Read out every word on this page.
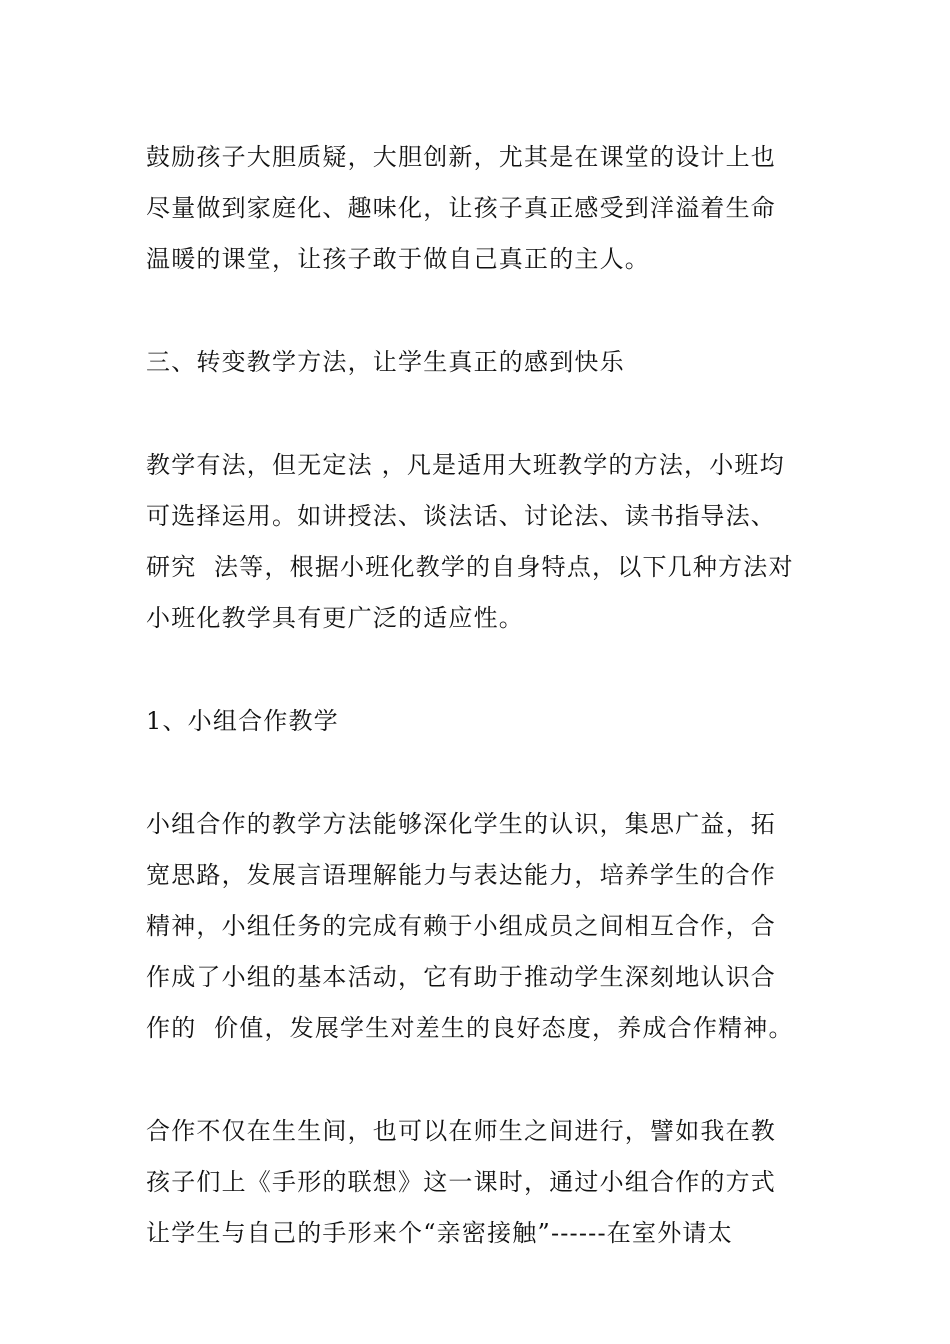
鼓励孩子大胆质疑，大胆创新，尤其是在课堂的设计上也
尽量做到家庭化、趣味化，让孩子真正感受到洋溢着生命
温暖的课堂，让孩子敢于做自己真正的主人。
三、转变教学方法，让学生真正的感到快乐
教学有法，但无定法 ，凡是适用大班教学的方法，小班均
可选择运用。如讲授法、谈法话、讨论法、读书指导法、
研究  法等，根据小班化教学的自身特点，以下几种方法对
小班化教学具有更广泛的适应性。
1、小组合作教学
小组合作的教学方法能够深化学生的认识，集思广益，拓
宽思路，发展言语理解能力与表达能力，培养学生的合作
精神，小组任务的完成有赖于小组成员之间相互合作，合
作成了小组的基本活动，它有助于推动学生深刻地认识合
作的  价值，发展学生对差生的良好态度，养成合作精神。
合作不仅在生生间，也可以在师生之间进行，譬如我在教
孩子们上《手形的联想》这一课时，通过小组合作的方式
让学生与自己的手形来个“亲密接触”------在室外请太
